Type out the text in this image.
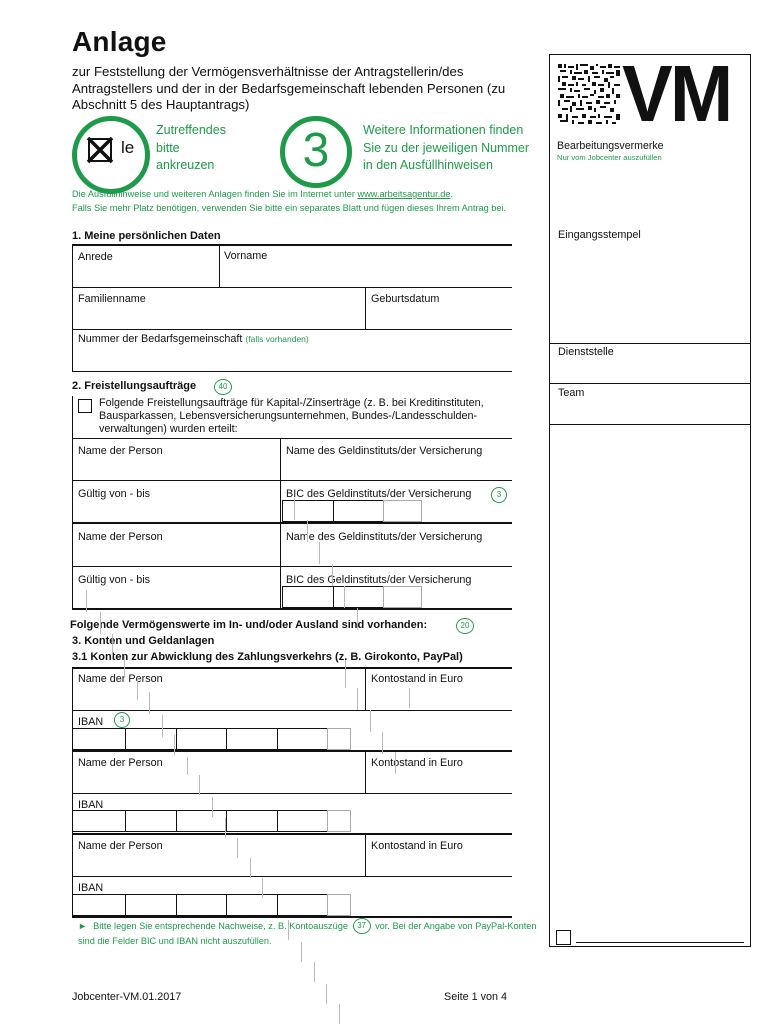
Anlage

zur Feststellung der Vermögensverhältnisse der Antragstellerin/des Antragstellers und der in der Bedarfsgemeinschaft lebenden Personen (zu Abschnitt 5 des Hauptantrags)

le
Zutreffendes
bitte
ankreuzen	3	Weitere Informationen finden
Sie zu der jeweiligen Nummer
in den Ausfüllhinweisen
Die Ausfüllhinweise und weiteren Anlagen finden Sie im Internet unter www.arbeitsagentur.de.
Falls Sie mehr Platz benötigen, verwenden Sie bitte ein separates Blatt und fügen dieses Ihrem Antrag bei.
VM
Bearbeitungsvermerke
Nur vom Jobcenter auszufüllen
Eingangsstempel
Dienststelle
Team
1. Meine persönlichen Daten
Anrede	Vorname
Familienname	Geburtsdatum
Nummer der Bedarfsgemeinschaft (falls vorhanden)
2. Freistellungsaufträge	40
Folgende Freistellungsaufträge für Kapital-/Zinserträge (z. B. bei Kreditinstituten, Bausparkassen, Lebensversicherungsunternehmen, Bundes-/Landesschulden-verwaltungen) wurden erteilt:
Name der Person	Name des Geldinstituts/der Versicherung
Gültig von - bis	BIC des Geldinstituts/der Versicherung	3
Name der Person	Name des Geldinstituts/der Versicherung
Gültig von - bis	BIC des Geldinstituts/der Versicherung
Folgende Vermögenswerte im In- und/oder Ausland sind vorhanden:	20
3. Konten und Geldanlagen
3.1 Konten zur Abwicklung des Zahlungsverkehrs (z. B. Girokonto, PayPal)
Name der Person	Kontostand in Euro
IBAN	3
Name der Person	Kontostand in Euro
IBAN
Name der Person	Kontostand in Euro
IBAN
► Bitte legen Sie entsprechende Nachweise, z. B. Kontoauszüge 37 vor. Bei der Angabe von PayPal-Konten sind die Felder BIC und IBAN nicht auszufüllen.
Jobcenter-VM.01.2017	Seite 1 von 4
